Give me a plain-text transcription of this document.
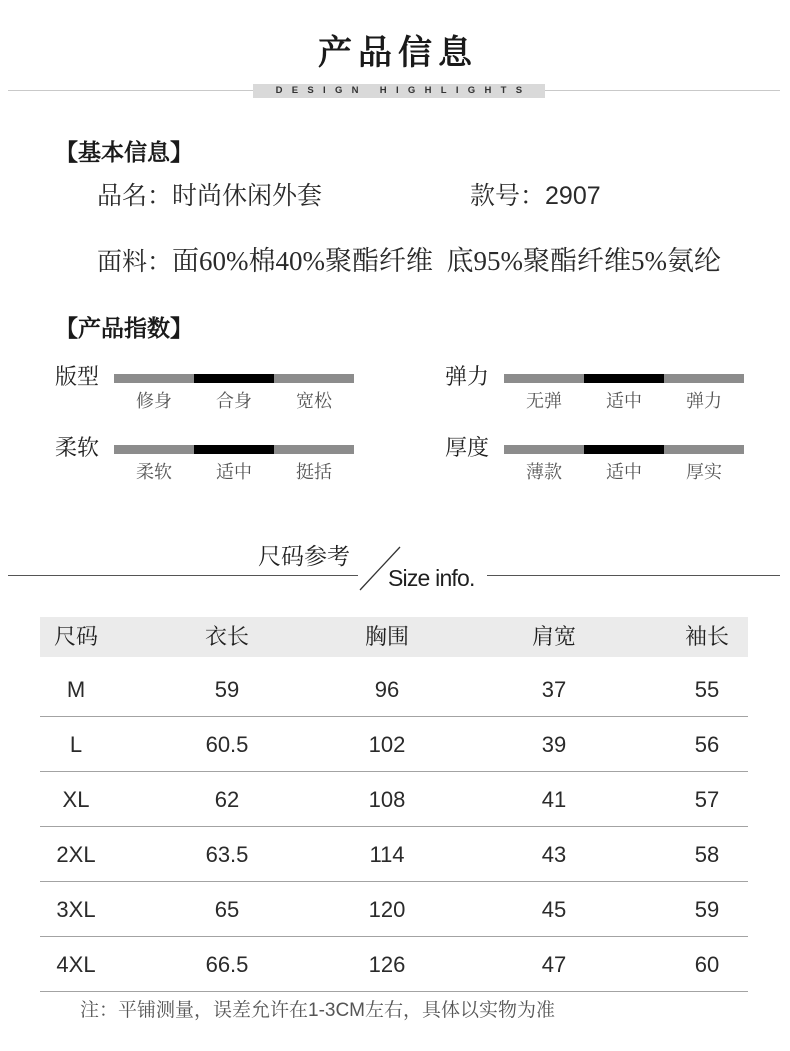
产品信息
DESIGN HIGHLIGHTS
【基本信息】
品名：时尚休闲外套	款号：2907
面料：面60%棉40%聚酯纤维  底95%聚酯纤维5%氨纶
【产品指数】
版型
修身 合身 宽松
弹力
无弹 适中 弹力
柔软
柔软 适中 挺括
厚度
薄款 适中 厚实
尺码参考
Size info.
尺码	衣长	胸围	肩宽	袖长
M	59	96	37	55
L	60.5	102	39	56
XL	62	108	41	57
2XL	63.5	114	43	58
3XL	65	120	45	59
4XL	66.5	126	47	60
注：平铺测量，误差允许在1-3CM左右，具体以实物为准
